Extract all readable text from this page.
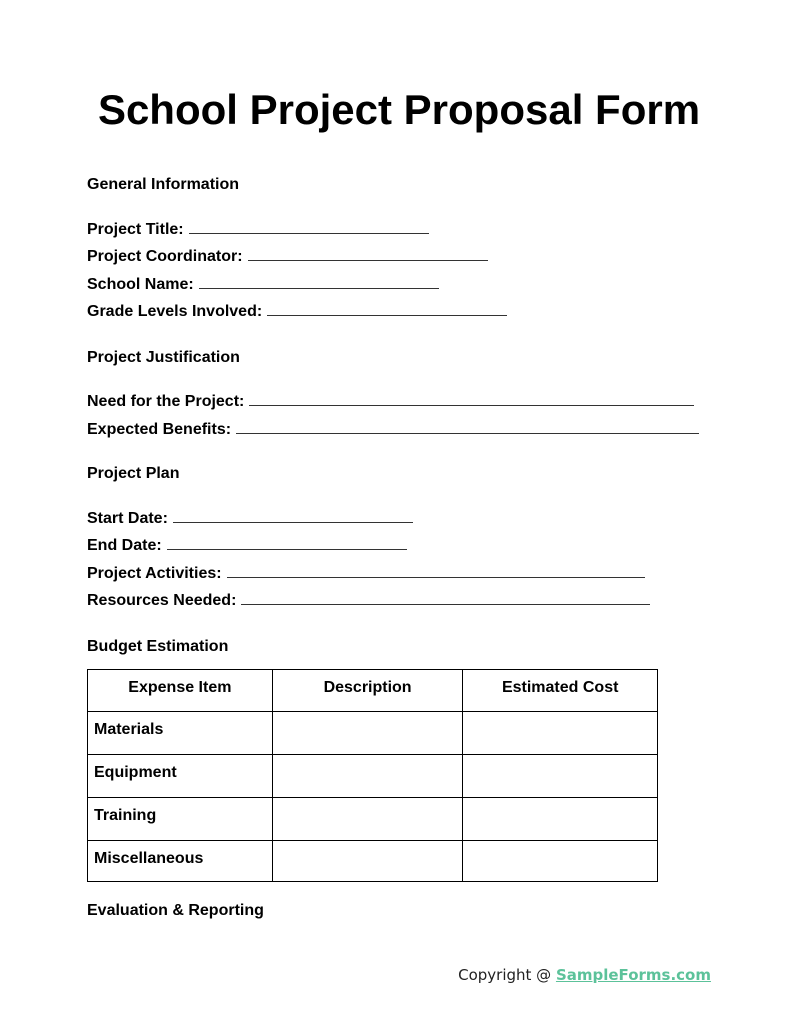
School Project Proposal Form
General Information
Project Title:
Project Coordinator:
School Name:
Grade Levels Involved:
Project Justification
Need for the Project:
Expected Benefits:
Project Plan
Start Date:
End Date:
Project Activities:
Resources Needed:
Budget Estimation
Expense Item	Description	Estimated Cost
Materials		
Equipment		
Training		
Miscellaneous		
Evaluation & Reporting
Copyright @ SampleForms.com
